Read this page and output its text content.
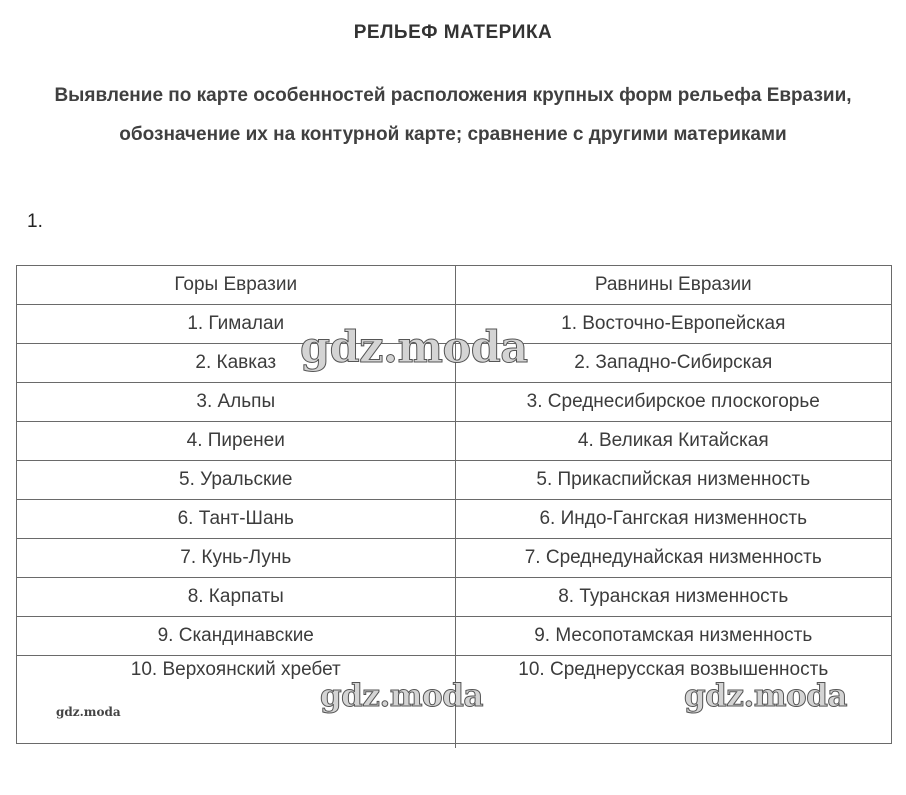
РЕЛЬЕФ МАТЕРИКА
Выявление по карте особенностей расположения крупных форм рельефа Евразии, обозначение их на контурной карте; сравнение с другими материками
1.
Горы Евразии	Равнины Евразии
1. Гималаи	1. Восточно-Европейская
2. Кавказ	2. Западно-Сибирская
3. Альпы	3. Среднесибирское плоскогорье
4. Пиренеи	4. Великая Китайская
5. Уральские	5. Прикаспийская низменность
6. Тант-Шань	6. Индо-Гангская низменность
7. Кунь-Лунь	7. Среднедунайская низменность
8. Карпаты	8. Туранская низменность
9. Скандинавские	9. Месопотамская низменность
10. Верхоянский хребет	10. Среднерусская возвышенность
gdz.moda
gdz.moda	gdz.moda
gdz.moda
